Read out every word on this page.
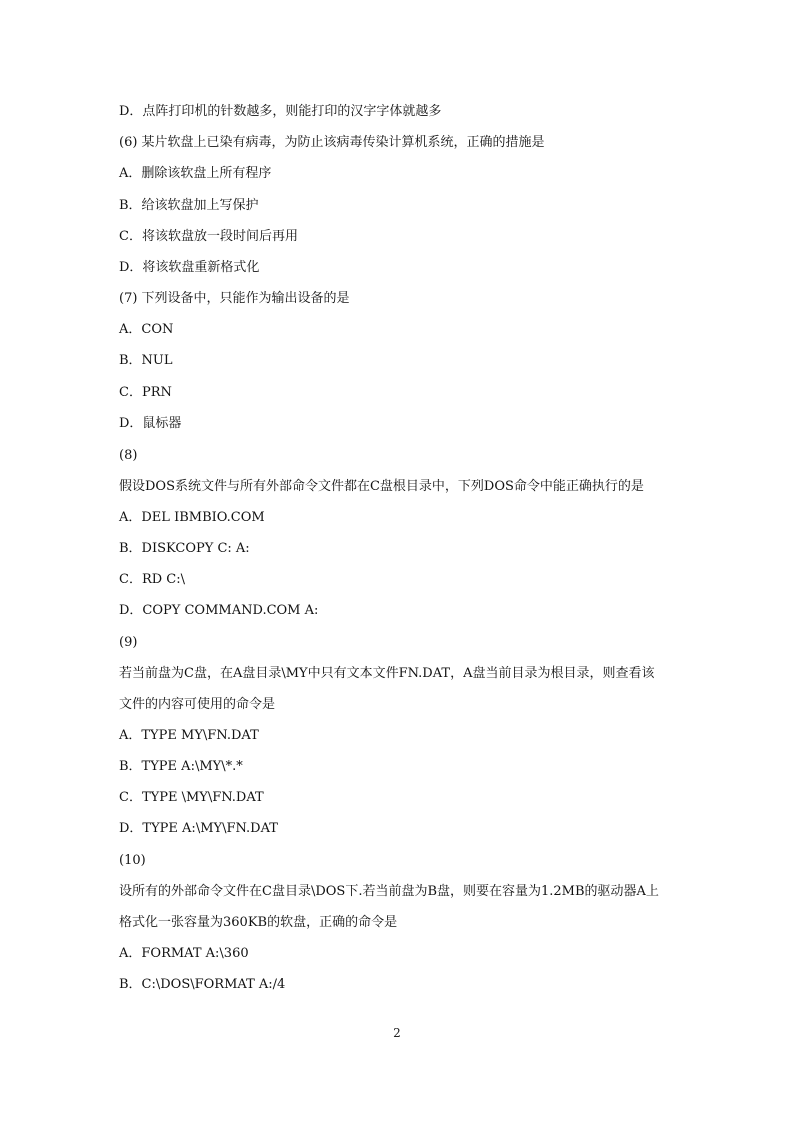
D．点阵打印机的针数越多，则能打印的汉字字体就越多
(6) 某片软盘上已染有病毒，为防止该病毒传染计算机系统，正确的措施是
A．删除该软盘上所有程序
B．给该软盘加上写保护
C．将该软盘放一段时间后再用
D．将该软盘重新格式化
(7) 下列设备中，只能作为输出设备的是
A．CON
B．NUL
C．PRN
D．鼠标器
(8)
假设DOS系统文件与所有外部命令文件都在C盘根目录中，下列DOS命令中能正确执行的是
A．DEL IBMBIO.COM
B．DISKCOPY C: A:
C．RD C:\
D．COPY COMMAND.COM A:
(9)
若当前盘为C盘，在A盘目录\MY中只有文本文件FN.DAT，A盘当前目录为根目录，则查看该
文件的内容可使用的命令是
A．TYPE MY\FN.DAT
B．TYPE A:\MY\*.*
C．TYPE \MY\FN.DAT
D．TYPE A:\MY\FN.DAT
(10)
设所有的外部命令文件在C盘目录\DOS下.若当前盘为B盘，则要在容量为1.2MB的驱动器A上
格式化一张容量为360KB的软盘，正确的命令是
A．FORMAT A:\360
B．C:\DOS\FORMAT A:/4
2
